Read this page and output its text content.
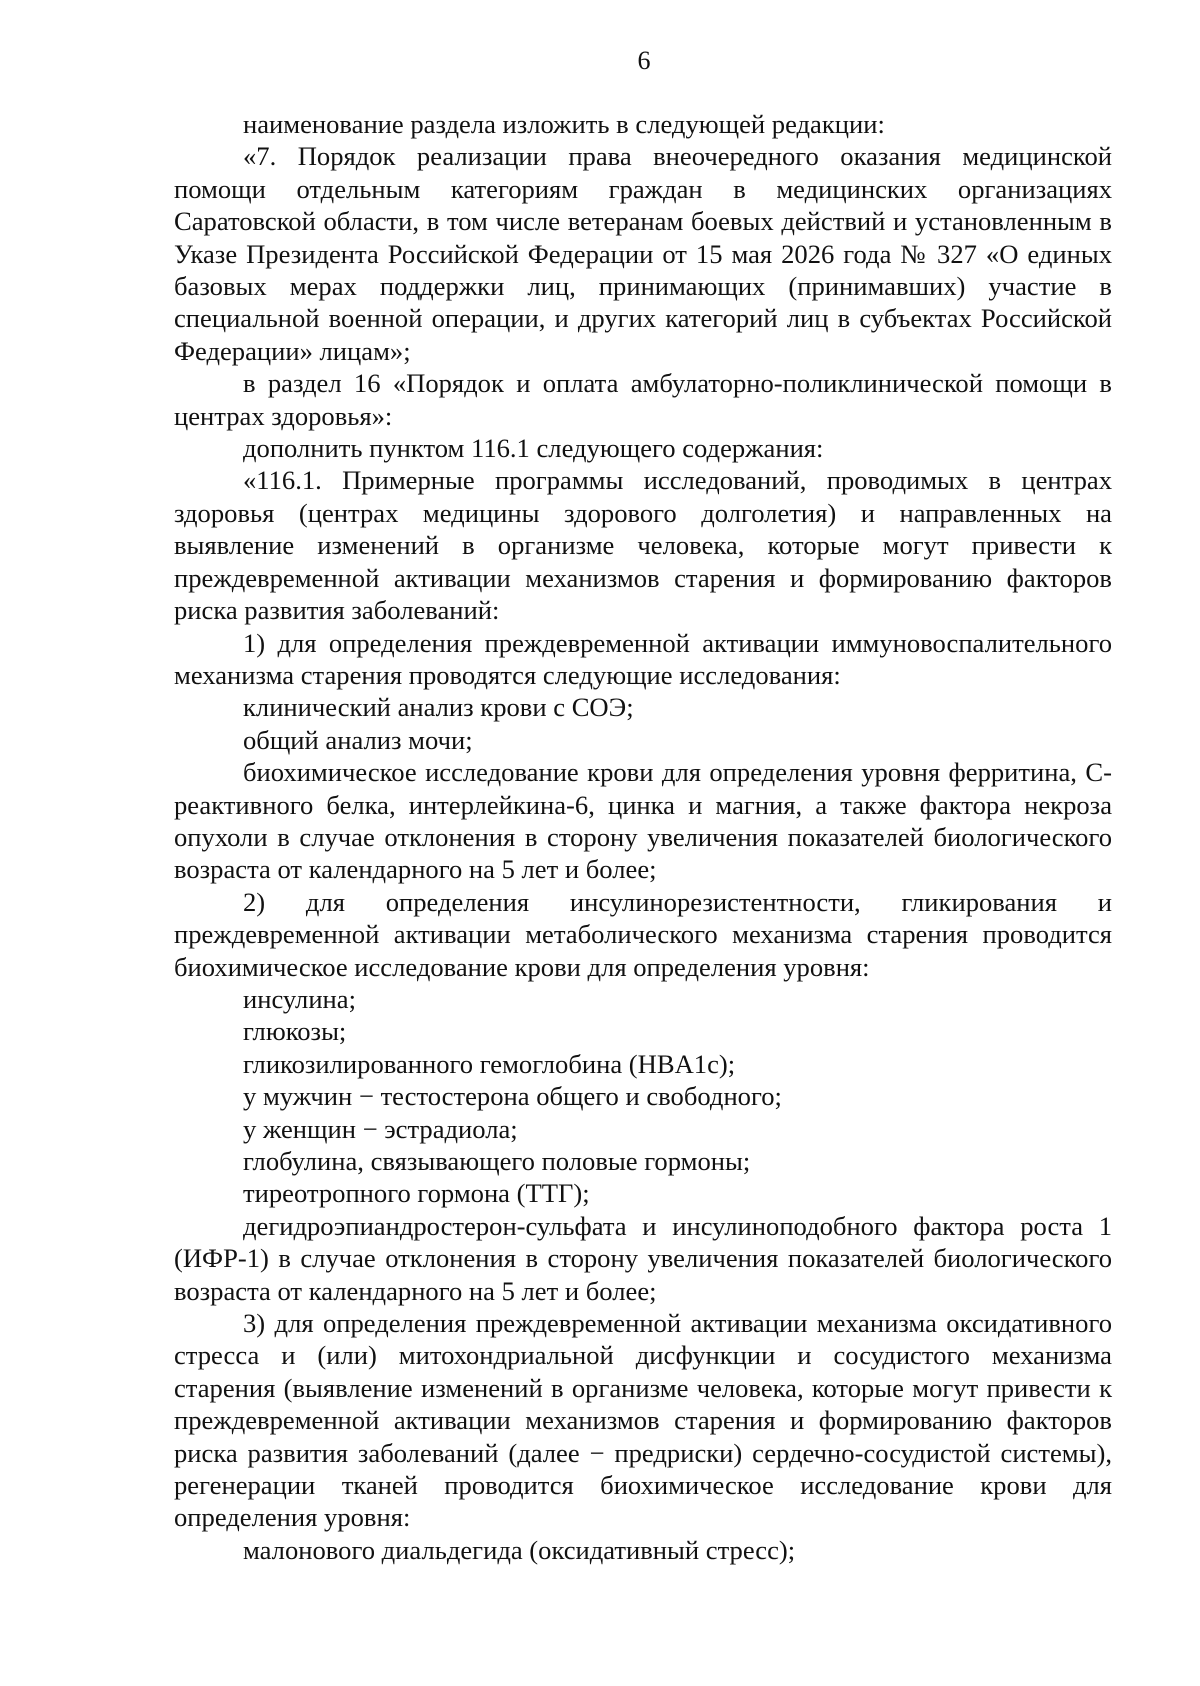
6

наименование раздела изложить в следующей редакции:

«7. Порядок реализации права внеочередного оказания медицинской помощи отдельным категориям граждан в медицинских организациях Саратовской области, в том числе ветеранам боевых действий и установленным в Указе Президента Российской Федерации от 15 мая 2026 года № 327 «О единых базовых мерах поддержки лиц, принимающих (принимавших) участие в специальной военной операции, и других категорий лиц в субъектах Российской Федерации» лицам»;

в раздел 16 «Порядок и оплата амбулаторно-поликлинической помощи в центрах здоровья»:

дополнить пунктом 116.1 следующего содержания:

«116.1. Примерные программы исследований, проводимых в центрах здоровья (центрах медицины здорового долголетия) и направленных на выявление изменений в организме человека, которые могут привести к преждевременной активации механизмов старения и формированию факторов риска развития заболеваний:

1) для определения преждевременной активации иммуновоспалительного механизма старения проводятся следующие исследования:

клинический анализ крови с СОЭ;

общий анализ мочи;

биохимическое исследование крови для определения уровня ферритина, С-реактивного белка, интерлейкина-6, цинка и магния, а также фактора некроза опухоли в случае отклонения в сторону увеличения показателей биологического возраста от календарного на 5 лет и более;

2) для определения инсулинорезистентности, гликирования и преждевременной активации метаболического механизма старения проводится биохимическое исследование крови для определения уровня:

инсулина;

глюкозы;

гликозилированного гемоглобина (HBA1c);

у мужчин − тестостерона общего и свободного;

у женщин − эстрадиола;

глобулина, связывающего половые гормоны;

тиреотропного гормона (ТТГ);

дегидроэпиандростерон-сульфата и инсулиноподобного фактора роста 1 (ИФР-1) в случае отклонения в сторону увеличения показателей биологического возраста от календарного на 5 лет и более;

3) для определения преждевременной активации механизма оксидативного стресса и (или) митохондриальной дисфункции и сосудистого механизма старения (выявление изменений в организме человека, которые могут привести к преждевременной активации механизмов старения и формированию факторов риска развития заболеваний (далее − предриски) сердечно-сосудистой системы), регенерации тканей проводится биохимическое исследование крови для определения уровня:

малонового диальдегида (оксидативный стресс);
